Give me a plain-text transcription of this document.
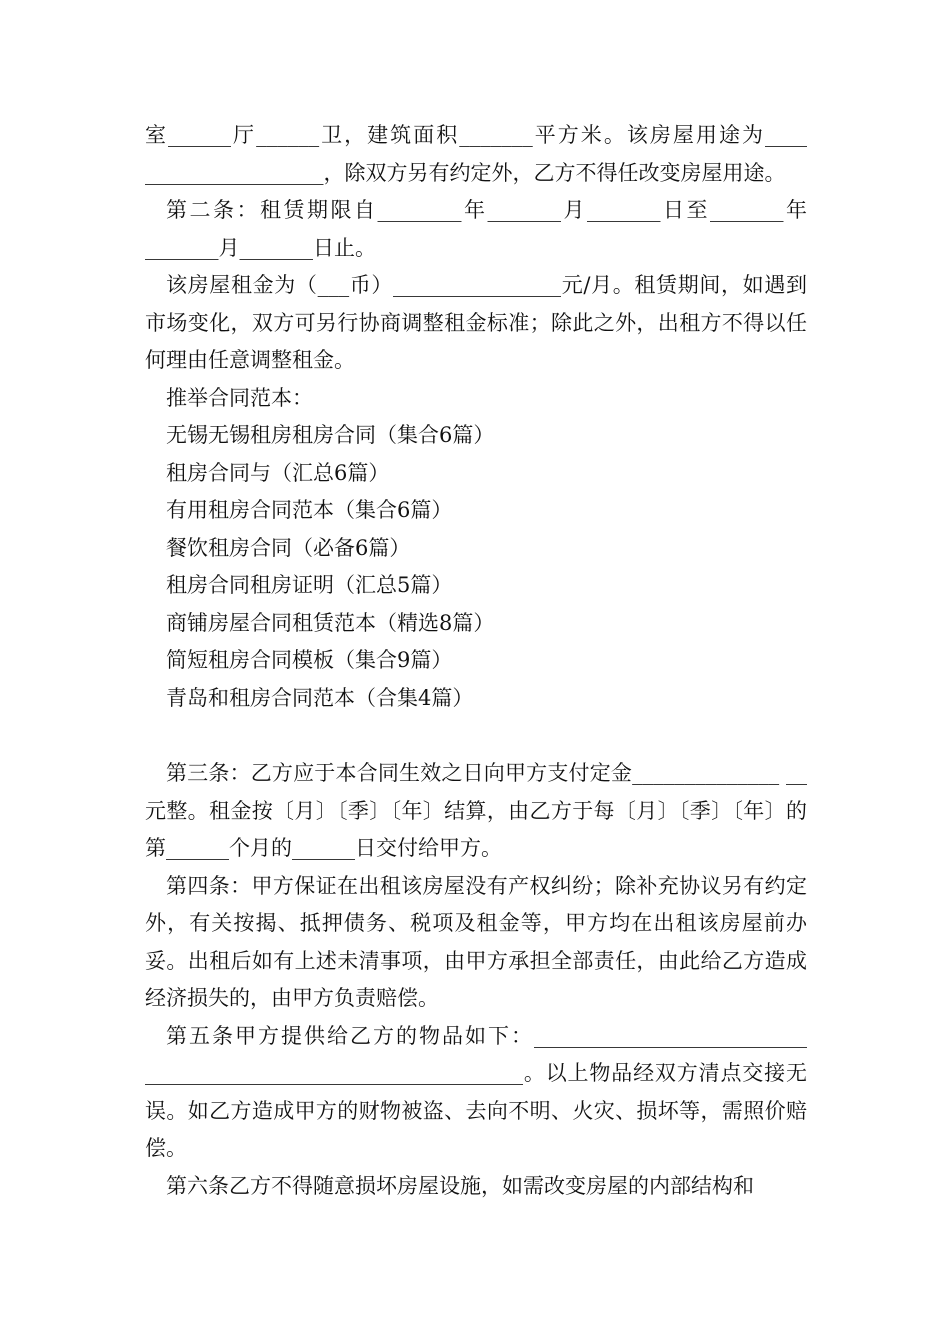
室______厅______卫，建筑面积_______平方米。该房屋用途为____ _________________，除双方另有约定外，乙方不得任改变房屋用途。

第二条：租赁期限自________年_______月_______日至_______年 _______月_______日止。

该房屋租金为（___币）________________元/月。租赁期间，如遇到市场变化，双方可另行协商调整租金标准；除此之外，出租方不得以任何理由任意调整租金。

推举合同范本：

无锡无锡租房租房合同（集合6篇）

租房合同与（汇总6篇）

有用租房合同范本（集合6篇）

餐饮租房合同（必备6篇）

租房合同租房证明（汇总5篇）

商铺房屋合同租赁范本（精选8篇）

简短租房合同模板（集合9篇）

青岛和租房合同范本（合集4篇）

第三条：乙方应于本合同生效之日向甲方支付定金______________ __元整。租金按〔月〕〔季〕〔年〕结算，由乙方于每〔月〕〔季〕〔年〕的第______个月的______日交付给甲方。

第四条：甲方保证在出租该房屋没有产权纠纷；除补充协议另有约定外，有关按揭、抵押债务、税项及租金等，甲方均在出租该房屋前办妥。出租后如有上述未清事项，由甲方承担全部责任，由此给乙方造成经济损失的，由甲方负责赔偿。

第五条甲方提供给乙方的物品如下：__________________________ ____________________________________。以上物品经双方清点交接无误。如乙方造成甲方的财物被盗、去向不明、火灾、损坏等，需照价赔偿。

第六条乙方不得随意损坏房屋设施，如需改变房屋的内部结构和
